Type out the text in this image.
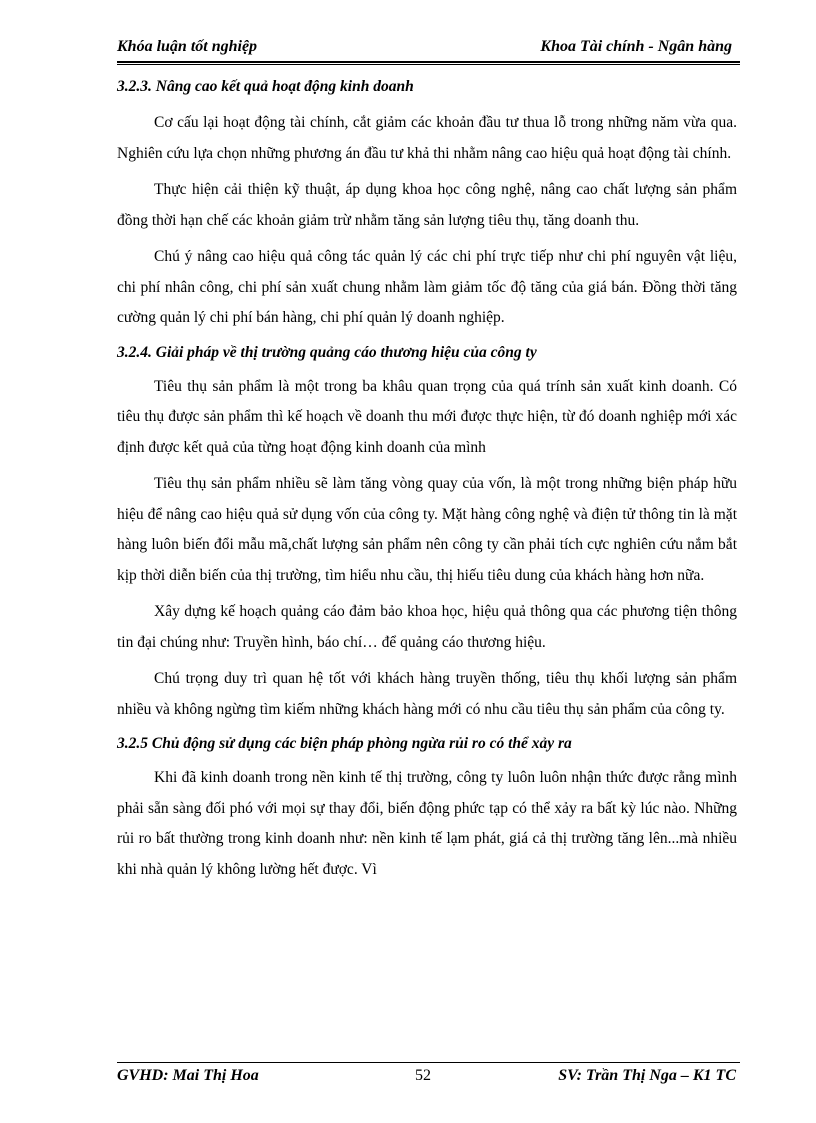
Khóa luận tốt nghiệp	Khoa Tài chính - Ngân hàng
3.2.3. Nâng cao kết quả hoạt động kinh doanh

Cơ cấu lại hoạt động tài chính, cắt giảm các khoản đầu tư thua lỗ trong những năm vừa qua. Nghiên cứu lựa chọn những phương án đầu tư khả thi nhằm nâng cao hiệu quả hoạt động tài chính.

Thực hiện cải thiện kỹ thuật, áp dụng khoa học công nghệ, nâng cao chất lượng sản phẩm đồng thời hạn chế các khoản giảm trừ nhằm tăng sản lượng tiêu thụ, tăng doanh thu.

Chú ý nâng cao hiệu quả công tác quản lý các chi phí trực tiếp như chi phí nguyên vật liệu, chi phí nhân công, chi phí sản xuất chung nhằm làm giảm tốc độ tăng của giá bán. Đồng thời tăng cường quản lý chi phí bán hàng, chi phí quản lý doanh nghiệp.

3.2.4. Giải pháp về thị trường quảng cáo thương hiệu của công ty

Tiêu thụ sản phẩm là một trong ba khâu quan trọng của quá trính sản xuất kinh doanh. Có tiêu thụ được sản phẩm thì kế hoạch về doanh thu mới được thực hiện, từ đó doanh nghiệp mới xác định được kết quả của từng hoạt động kinh doanh của mình

Tiêu thụ sản phẩm nhiều sẽ làm tăng vòng quay của vốn, là một trong những biện pháp hữu hiệu để nâng cao hiệu quả sử dụng vốn của công ty. Mặt hàng công nghệ và điện tử thông tin là mặt hàng luôn biến đổi mẫu mã,chất lượng sản phẩm nên công ty cần phải tích cực nghiên cứu nắm bắt kịp thời diễn biến của thị trường, tìm hiểu nhu cầu, thị hiếu tiêu dung của khách hàng hơn nữa.

Xây dựng kế hoạch quảng cáo đảm bảo khoa học, hiệu quả thông qua các phương tiện thông tin đại chúng như: Truyền hình, báo chí… để quảng cáo thương hiệu.

Chú trọng duy trì quan hệ tốt với khách hàng truyền thống, tiêu thụ khối lượng sản phẩm nhiều và không ngừng tìm kiếm những khách hàng mới có nhu cầu tiêu thụ sản phẩm của công ty.

3.2.5 Chủ động sử dụng các biện pháp phòng ngừa rủi ro có thể xảy ra

Khi đã kinh doanh trong nền kinh tế thị trường, công ty luôn luôn nhận thức được rằng mình phải sẵn sàng đối phó với mọi sự thay đổi, biến động phức tạp có thể xảy ra bất kỳ lúc nào. Những rủi ro bất thường trong kinh doanh như: nền kinh tế lạm phát, giá cả thị trường tăng lên...mà nhiều khi nhà quản lý không lường hết được. Vì

GVHD: Mai Thị Hoa	52	SV: Trần Thị Nga – K1 TC
